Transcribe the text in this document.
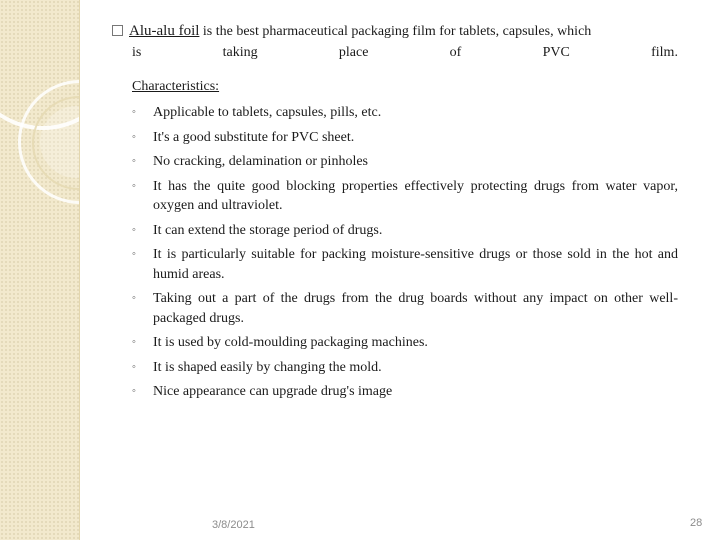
Alu-alu foil is the best pharmaceutical packaging film for tablets, capsules, which
is	taking	place	of	PVC	film.
Characteristics:
◦	Applicable to tablets, capsules, pills, etc.
◦	It's a good substitute for PVC sheet.
◦	No cracking, delamination or pinholes
◦	It has the quite good blocking properties effectively protecting drugs from water vapor, oxygen and ultraviolet.
◦	It can extend the storage period of drugs.
◦	It is particularly suitable for packing moisture-sensitive drugs or those sold in the hot and humid areas.
◦	Taking out a part of the drugs from the drug boards without any impact on other well-packaged drugs.
◦	It is used by cold-moulding packaging machines.
◦	It is shaped easily by changing the mold.
◦	Nice appearance can upgrade drug's image
3/8/2021	28
